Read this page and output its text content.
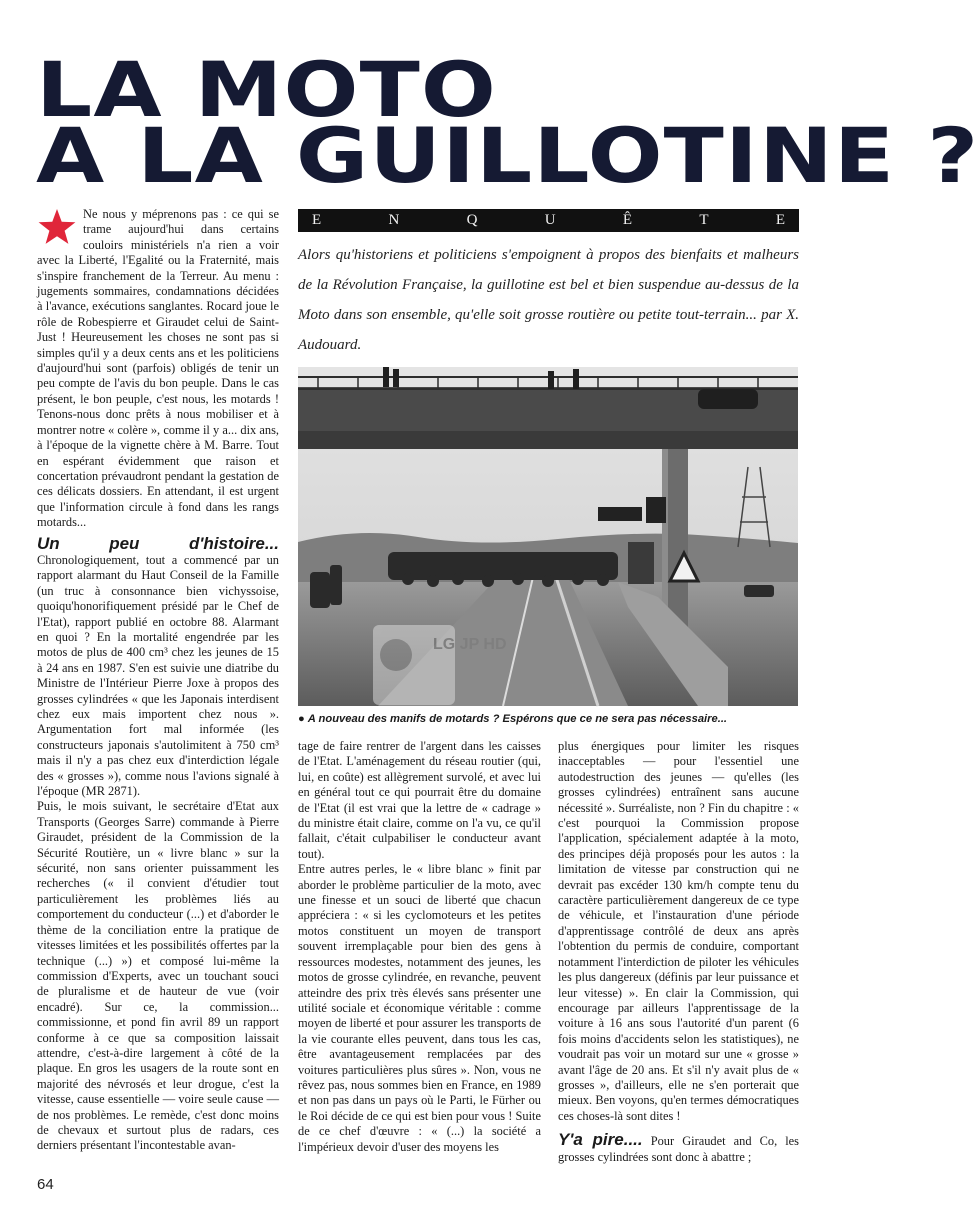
LA MOTO
A LA GUILLOTINE ?

Ne nous y méprenons pas : ce qui se trame aujourd'hui dans certains couloirs ministériels n'a rien a voir avec la Liberté, l'Egalité ou la Fraternité, mais s'inspire franchement de la Terreur. Au menu : jugements sommaires, condamnations décidées à l'avance, exécutions sanglantes. Rocard joue le rôle de Robespierre et Giraudet celui de Saint-Just ! Heureusement les choses ne sont pas si simples qu'il y a deux cents ans et les politiciens d'aujourd'hui sont (parfois) obligés de tenir un peu compte de l'avis du bon peuple. Dans le cas présent, le bon peuple, c'est nous, les motards ! Tenons-nous donc prêts à nous mobiliser et à montrer notre « colère », comme il y a... dix ans, à l'époque de la vignette chère à M. Barre. Tout en espérant évidemment que raison et concertation prévaudront pendant la gestation de ces délicats dossiers. En attendant, il est urgent que l'information circule à fond dans les rangs motards...

Un peu d'histoire... Chronologiquement, tout a commencé par un rapport alarmant du Haut Conseil de la Famille (un truc à consonnance bien vichyssoise, quoiqu'honorifiquement présidé par le Chef de l'Etat), rapport publié en octobre 88. Alarmant en quoi ? En la mortalité engendrée par les motos de plus de 400 cm³ chez les jeunes de 15 à 24 ans en 1987. S'en est suivie une diatribe du Ministre de l'Intérieur Pierre Joxe à propos des grosses cylindrées « que les Japonais interdisent chez eux mais importent chez nous ». Argumentation fort mal informée (les constructeurs japonais s'autolimitent à 750 cm³ mais il n'y a pas chez eux d'interdiction légale des « grosses »), comme nous l'avions signalé à l'époque (MR 2871).

Puis, le mois suivant, le secrétaire d'Etat aux Transports (Georges Sarre) commande à Pierre Giraudet, président de la Commission de la Sécurité Routière, un « livre blanc » sur la sécurité, non sans orienter puissamment les recherches (« il convient d'étudier tout particulièrement les problèmes liés au comportement du conducteur (...) et d'aborder le thème de la conciliation entre la pratique de vitesses limitées et les possibilités offertes par la technique (...) ») et composé lui-même la commission d'Experts, avec un touchant souci de pluralisme et de hauteur de vue (voir encadré). Sur ce, la commission... commissionne, et pond fin avril 89 un rapport conforme à ce que sa composition laissait attendre, c'est-à-dire largement à côté de la plaque. En gros les usagers de la route sont en majorité des névrosés et leur drogue, c'est la vitesse, cause essentielle — voire seule cause — de nos problèmes. Le remède, c'est donc moins de chevaux et surtout plus de radars, ces derniers présentant l'incontestable avan-

E	N	Q	U	Ê	T	E
Alors qu'historiens et politiciens s'empoignent à propos des bienfaits et malheurs de la Révolution Française, la guillotine est bel et bien suspendue au-dessus de la Moto dans son ensemble, qu'elle soit grosse routière ou petite tout-terrain... par X. Audouard.
LG JP HD
● A nouveau des manifs de motards ? Espérons que ce ne sera pas nécessaire...

tage de faire rentrer de l'argent dans les caisses de l'Etat. L'aménagement du réseau routier (qui, lui, en coûte) est allègrement survolé, et avec lui en général tout ce qui pourrait être du domaine de l'Etat (il est vrai que la lettre de « cadrage » du ministre était claire, comme on l'a vu, ce qu'il fallait, c'était culpabiliser le conducteur avant tout).

Entre autres perles, le « libre blanc » finit par aborder le problème particulier de la moto, avec une finesse et un souci de liberté que chacun appréciera : « si les cyclomoteurs et les petites motos constituent un moyen de transport souvent irremplaçable pour bien des gens à ressources modestes, notamment des jeunes, les motos de grosse cylindrée, en revanche, peuvent atteindre des prix très élevés sans présenter une utilité sociale et économique véritable : comme moyen de liberté et pour assurer les transports de la vie courante elles peuvent, dans tous les cas, être avantageusement remplacées par des voitures particulières plus sûres ». Non, vous ne rêvez pas, nous sommes bien en France, en 1989 et non pas dans un pays où le Parti, le Fürher ou le Roi décide de ce qui est bien pour vous ! Suite de ce chef d'œuvre : « (...) la société a l'impérieux devoir d'user des moyens les

plus énergiques pour limiter les risques inacceptables — pour l'essentiel une autodestruction des jeunes — qu'elles (les grosses cylindrées) entraînent sans aucune nécessité ». Surréaliste, non ? Fin du chapitre : « c'est pourquoi la Commission propose l'application, spécialement adaptée à la moto, des principes déjà proposés pour les autos : la limitation de vitesse par construction qui ne devrait pas excéder 130 km/h compte tenu du caractère particulièrement dangereux de ce type de véhicule, et l'instauration d'une période d'apprentissage contrôlé de deux ans après l'obtention du permis de conduire, comportant notamment l'interdiction de piloter les véhicules les plus dangereux (définis par leur puissance et leur vitesse) ». En clair la Commission, qui encourage par ailleurs l'apprentissage de la voiture à 16 ans sous l'autorité d'un parent (6 fois moins d'accidents selon les statistiques), ne voudrait pas voir un motard sur une « grosse » avant l'âge de 20 ans. Et s'il n'y avait plus de « grosses », d'ailleurs, elle ne s'en porterait que mieux. Ben voyons, qu'en termes démocratiques ces choses-là sont dites !

Y'a pire.... Pour Giraudet and Co, les grosses cylindrées sont donc à abattre ;

64
